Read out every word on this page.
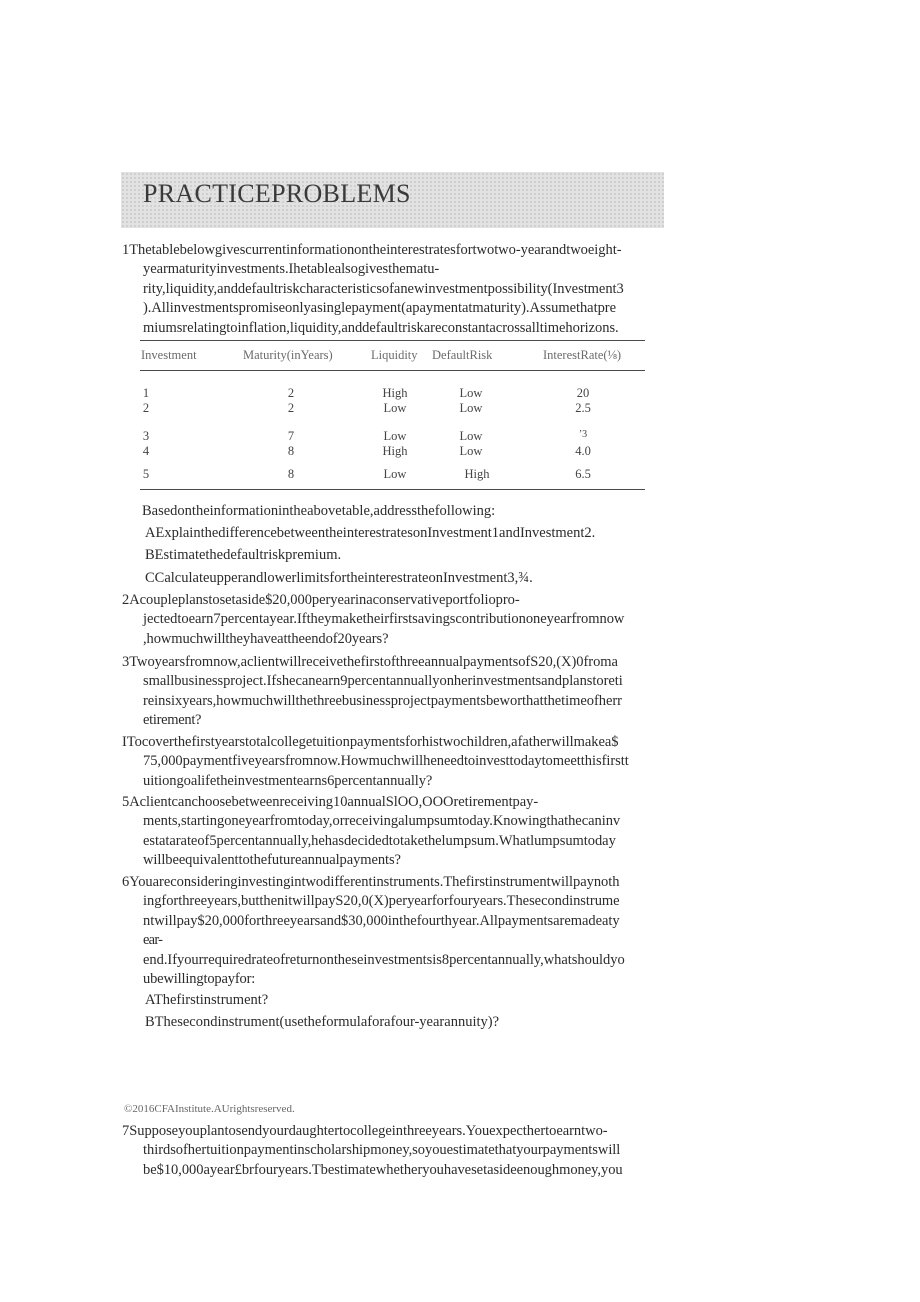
PRACTICEPROBLEMS
1Thetablebelowgivescurrentinformationontheinterestratesfortwotwo-yearandtwoeight-
yearmaturityinvestments.Ihetablealsogivesthematu-
rity,liquidity,anddefaultriskcharacteristicsofanewinvestmentpossibility(Investment3
).Allinvestmentspromiseonlyasinglepayment(apaymentatmaturity).Assumethatpre
miumsrelatingtoinflation,liquidity,anddefaultriskareconstantacrossalltimehorizons.
Investment	Maturity(inYears)	Liquidity DefaultRisk	InterestRate(⅛)
1	2	High	Low	20
2	2	Low	Low	2.5
3	7	Low	Low	ʼ3
4	8	High	Low	4.0
5	8	Low	High	6.5
Basedontheinformationintheabovetable,addressthefollowing:
AExplainthedifferencebetweentheinterestratesonInvestment1andInvestment2.
BEstimatethedefaultriskpremium.
CCalculateupperandlowerlimitsfortheinterestrateonInvestment3,¾.
2Acoupleplanstosetaside$20,000peryearinaconservativeportfoliopro-
jectedtoearn7percentayear.Iftheymaketheirfirstsavingscontributiononeyearfromnow
,howmuchwilltheyhaveattheendof20years?
3Twoyearsfromnow,aclientwillreceivethefirstofthreeannualpaymentsofS20,(X)0froma
smallbusinessproject.Ifshecanearn9percentannuallyonherinvestmentsandplanstoreti
reinsixyears,howmuchwillthethreebusinessprojectpaymentsbeworthatthetimeofherr
etirement?
ITocoverthefirstyearstotalcollegetuitionpaymentsforhistwochildren,afatherwillmakea$
75,000paymentfiveyearsfromnow.Howmuchwillheneedtoinvesttodaytomeetthisfirstt
uitiongoalifetheinvestmentearns6percentannually?
5Aclientcanchoosebetweenreceiving10annualSlOO,OOOretirementpay-
ments,startingoneyearfromtoday,orreceivingalumpsumtoday.Knowingthathecaninv
estatarateof5percentannually,hehasdecidedtotakethelumpsum.Whatlumpsumtoday
willbeequivalenttothefutureannualpayments?
6Youareconsideringinvestingintwodifferentinstruments.Thefirstinstrumentwillpaynoth
ingforthreeyears,butthenitwillpayS20,0(X)peryearforfouryears.Thesecondinstrume
ntwillpay$20,000forthreeyearsand$30,000inthefourthyear.Allpaymentsaremadeaty
ear-
end.Ifyourrequiredrateofreturnontheseinvestmentsis8percentannually,whatshouldyo
ubewillingtopayfor:
AThefirstinstrument?
BThesecondinstrument(usetheformulaforafour-yearannuity)?
©2016CFAInstitute.AUrightsreserved.
7Supposeyouplantosendyourdaughtertocollegeinthreeyears.Youexpecthertoearntwo-
thirdsofhertuitionpaymentinscholarshipmoney,soyouestimatethatyourpaymentswill
be$10,000ayear£brfouryears.Tbestimatewhetheryouhavesetasideenoughmoney,you
